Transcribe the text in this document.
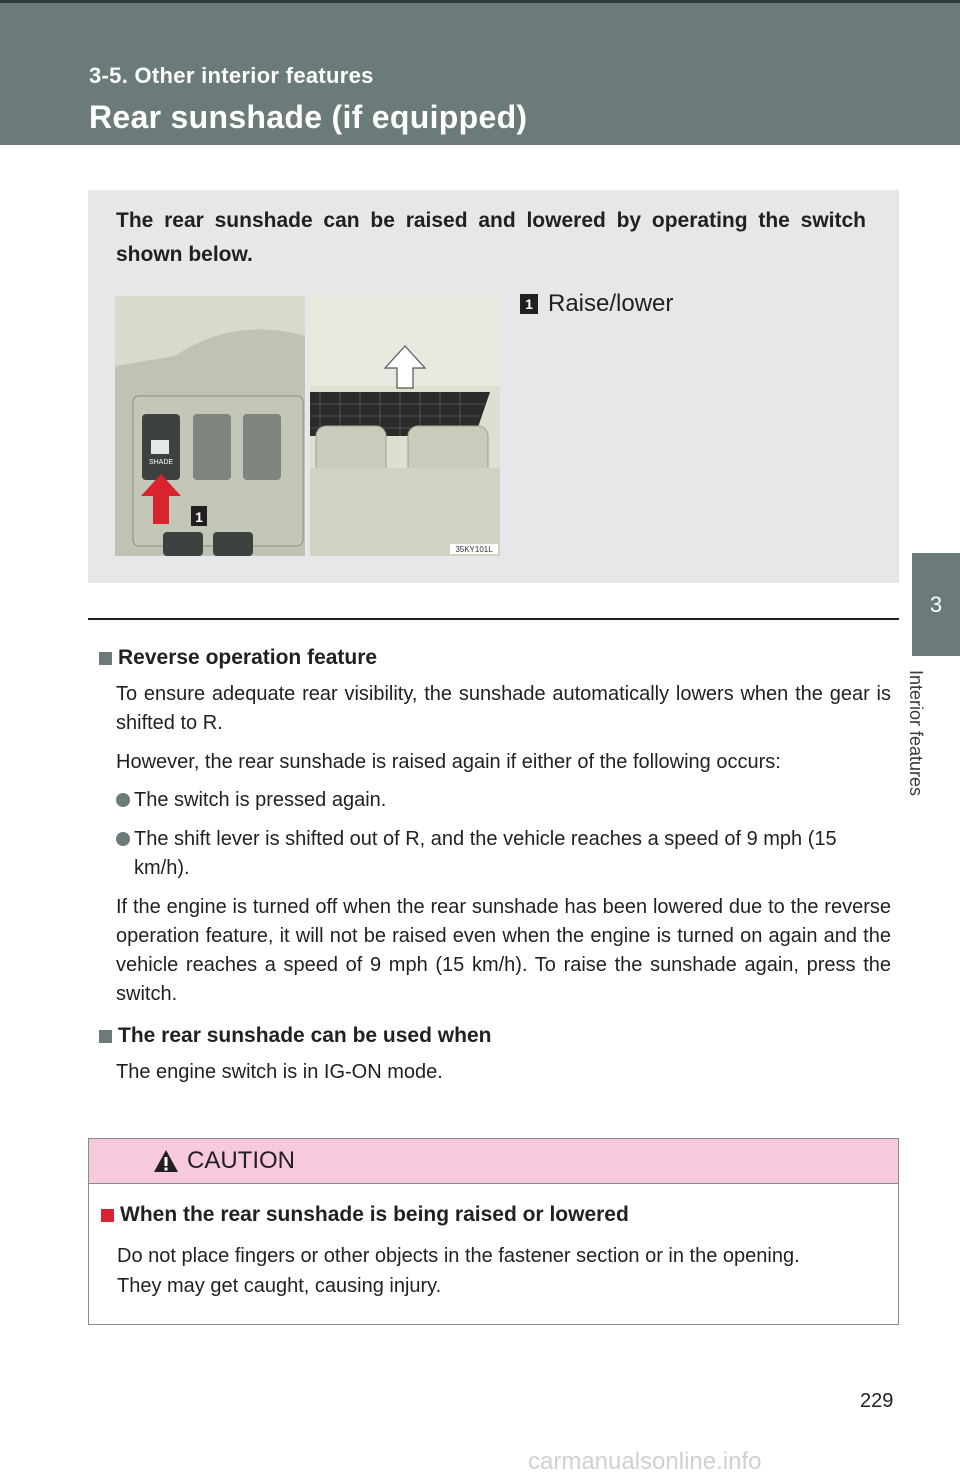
3-5. Other interior features
Rear sunshade (if equipped)
3
Interior features
The rear sunshade can be raised and lowered by operating the switch shown below.
SHADE
1
35KY101L
1 Raise/lower
Reverse operation feature
To ensure adequate rear visibility, the sunshade automatically lowers when the gear is shifted to R.
However, the rear sunshade is raised again if either of the following occurs:
The switch is pressed again.
The shift lever is shifted out of R, and the vehicle reaches a speed of 9 mph (15 km/h).
If the engine is turned off when the rear sunshade has been lowered due to the reverse operation feature, it will not be raised even when the engine is turned on again and the vehicle reaches a speed of 9 mph (15 km/h). To raise the sunshade again, press the switch.
The rear sunshade can be used when
The engine switch is in IG-ON mode.
CAUTION
When the rear sunshade is being raised or lowered
Do not place fingers or other objects in the fastener section or in the opening.
They may get caught, causing injury.
229
carmanualsonline.info
